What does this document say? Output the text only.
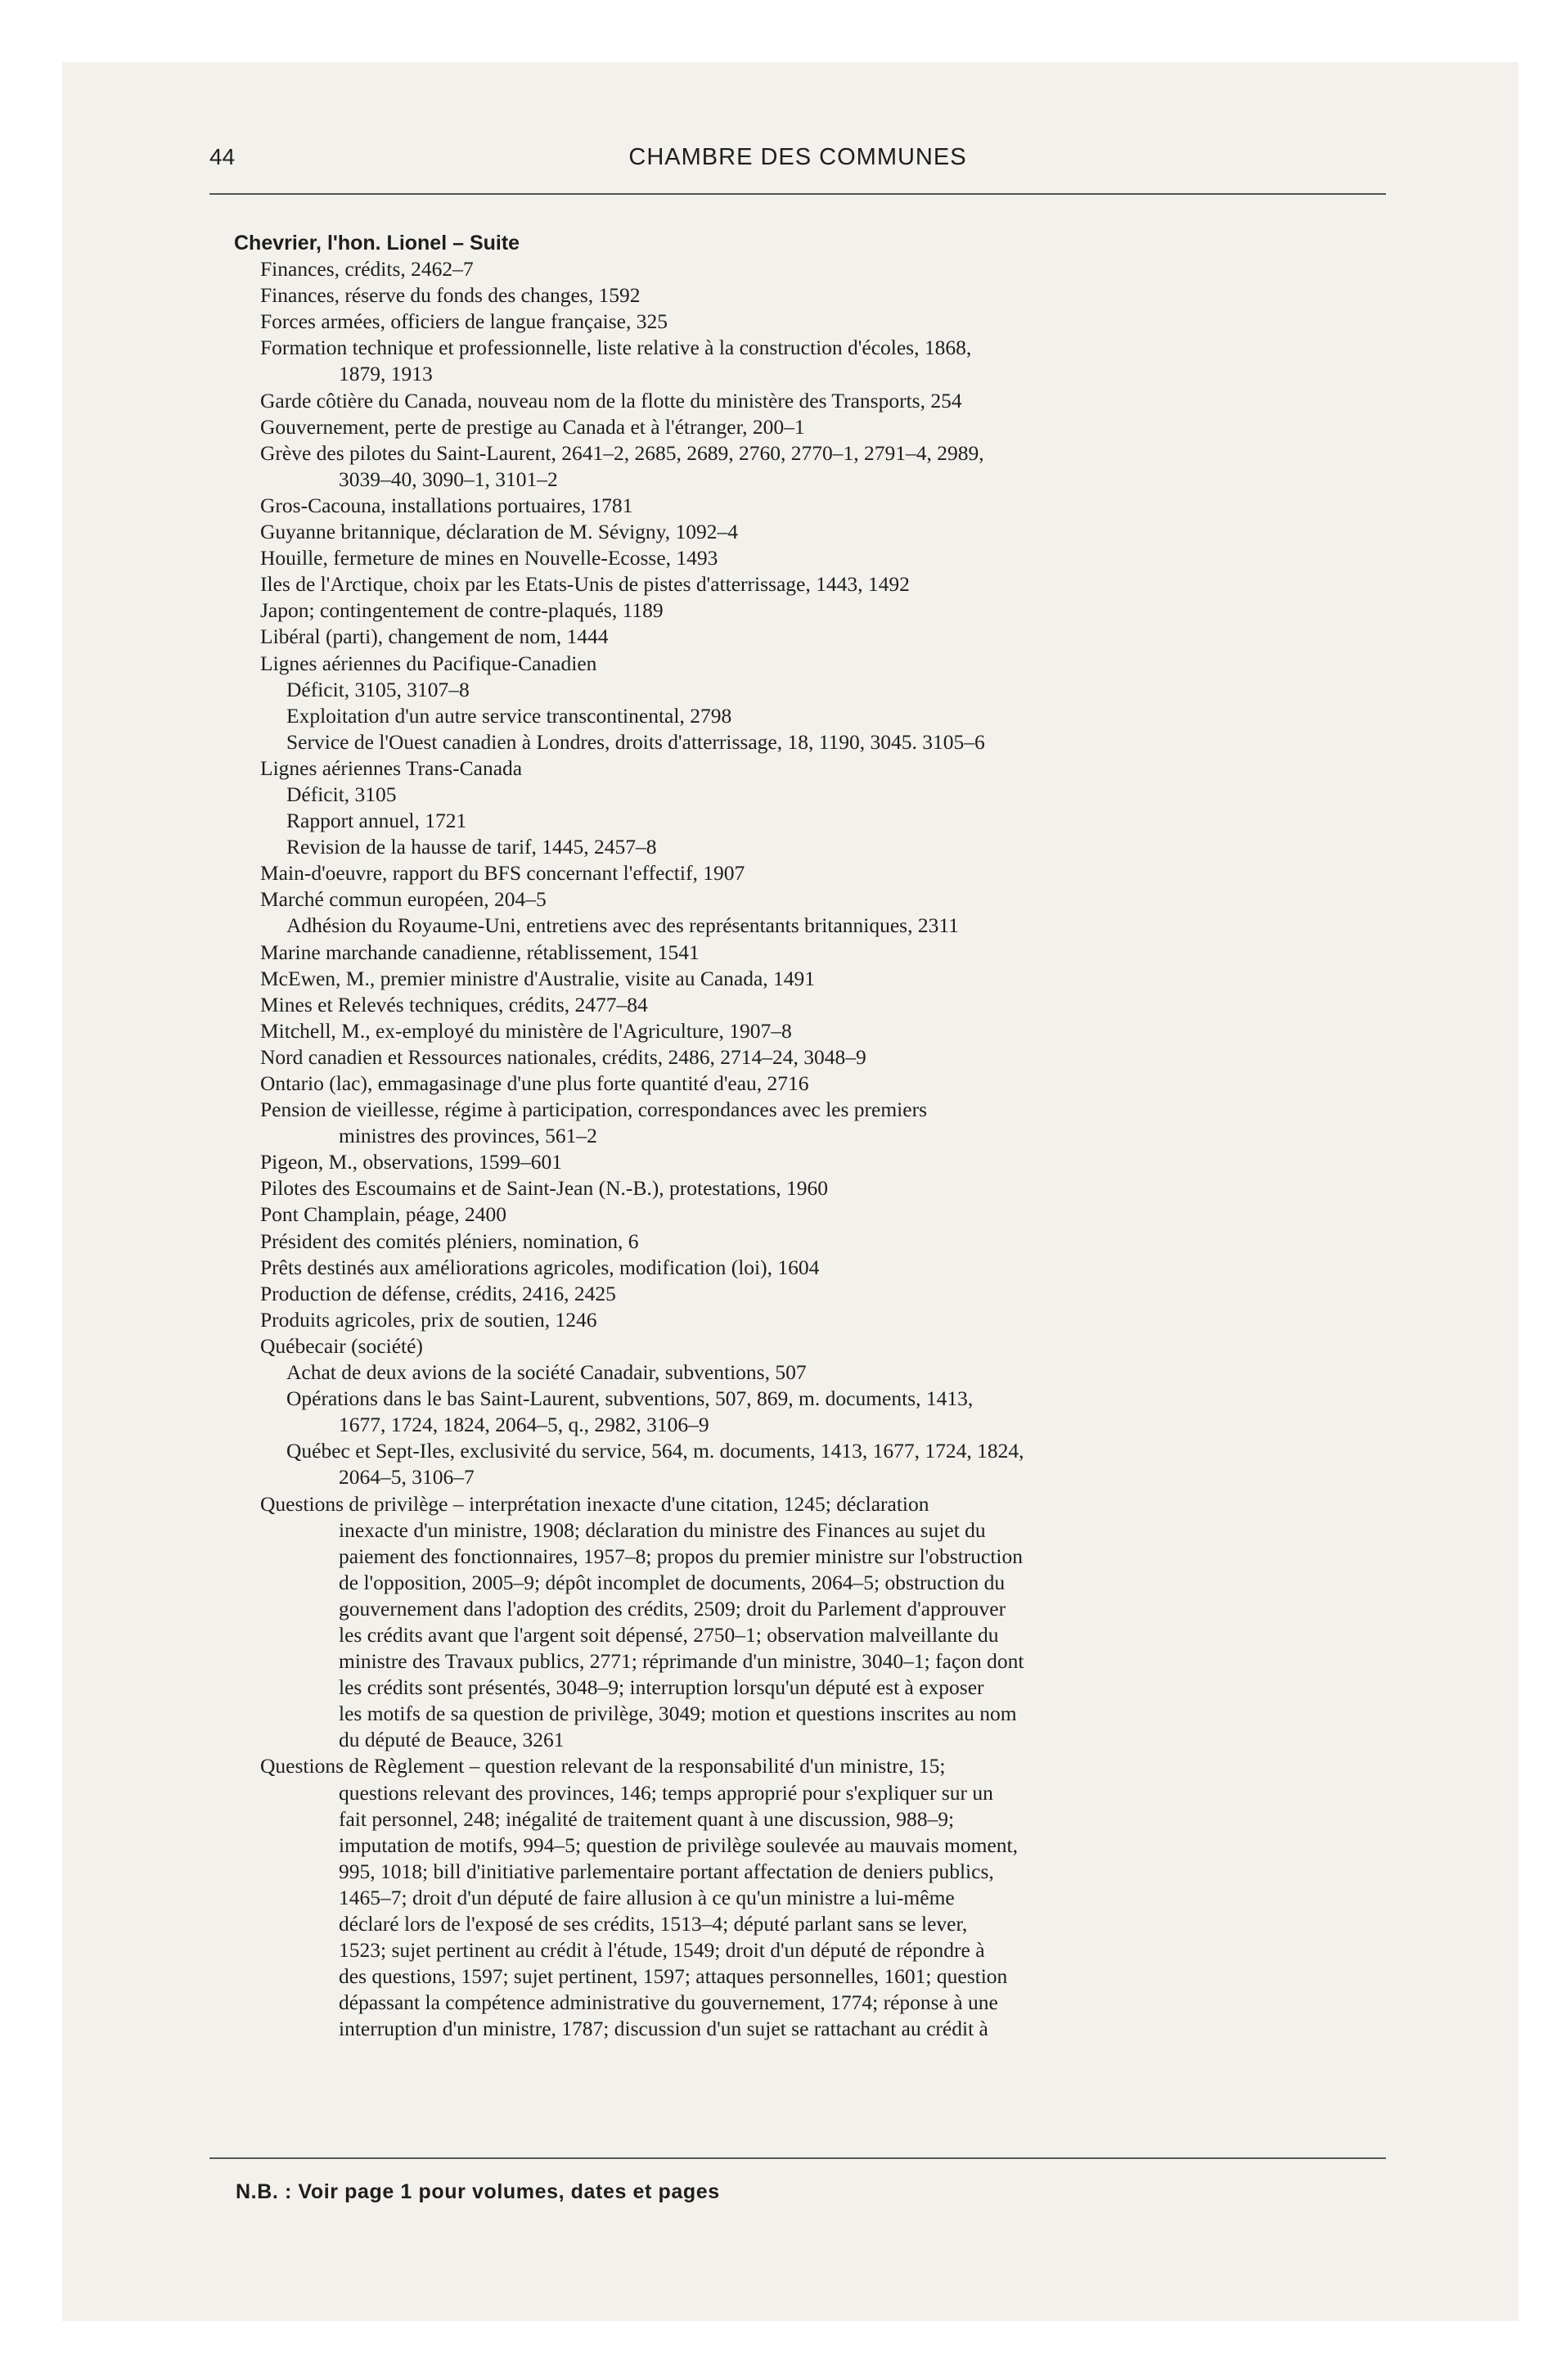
44	CHAMBRE DES COMMUNES
Chevrier, l'hon. Lionel – Suite
Finances, crédits, 2462–7
Finances, réserve du fonds des changes, 1592
Forces armées, officiers de langue française, 325
Formation technique et professionnelle, liste relative à la construction d'écoles, 1868,
1879, 1913
Garde côtière du Canada, nouveau nom de la flotte du ministère des Transports, 254
Gouvernement, perte de prestige au Canada et à l'étranger, 200–1
Grève des pilotes du Saint-Laurent, 2641–2, 2685, 2689, 2760, 2770–1, 2791–4, 2989,
3039–40, 3090–1, 3101–2
Gros-Cacouna, installations portuaires, 1781
Guyanne britannique, déclaration de M. Sévigny, 1092–4
Houille, fermeture de mines en Nouvelle-Ecosse, 1493
Iles de l'Arctique, choix par les Etats-Unis de pistes d'atterrissage, 1443, 1492
Japon; contingentement de contre-plaqués, 1189
Libéral (parti), changement de nom, 1444
Lignes aériennes du Pacifique-Canadien
Déficit, 3105, 3107–8
Exploitation d'un autre service transcontinental, 2798
Service de l'Ouest canadien à Londres, droits d'atterrissage, 18, 1190, 3045. 3105–6
Lignes aériennes Trans-Canada
Déficit, 3105
Rapport annuel, 1721
Revision de la hausse de tarif, 1445, 2457–8
Main-d'oeuvre, rapport du BFS concernant l'effectif, 1907
Marché commun européen, 204–5
Adhésion du Royaume-Uni, entretiens avec des représentants britanniques, 2311
Marine marchande canadienne, rétablissement, 1541
McEwen, M., premier ministre d'Australie, visite au Canada, 1491
Mines et Relevés techniques, crédits, 2477–84
Mitchell, M., ex-employé du ministère de l'Agriculture, 1907–8
Nord canadien et Ressources nationales, crédits, 2486, 2714–24, 3048–9
Ontario (lac), emmagasinage d'une plus forte quantité d'eau, 2716
Pension de vieillesse, régime à participation, correspondances avec les premiers
ministres des provinces, 561–2
Pigeon, M., observations, 1599–601
Pilotes des Escoumains et de Saint-Jean (N.-B.), protestations, 1960
Pont Champlain, péage, 2400
Président des comités pléniers, nomination, 6
Prêts destinés aux améliorations agricoles, modification (loi), 1604
Production de défense, crédits, 2416, 2425
Produits agricoles, prix de soutien, 1246
Québecair (société)
Achat de deux avions de la société Canadair, subventions, 507
Opérations dans le bas Saint-Laurent, subventions, 507, 869, m. documents, 1413,
1677, 1724, 1824, 2064–5, q., 2982, 3106–9
Québec et Sept-Iles, exclusivité du service, 564, m. documents, 1413, 1677, 1724, 1824,
2064–5, 3106–7
Questions de privilège – interprétation inexacte d'une citation, 1245; déclaration
inexacte d'un ministre, 1908; déclaration du ministre des Finances au sujet du
paiement des fonctionnaires, 1957–8; propos du premier ministre sur l'obstruction
de l'opposition, 2005–9; dépôt incomplet de documents, 2064–5; obstruction du
gouvernement dans l'adoption des crédits, 2509; droit du Parlement d'approuver
les crédits avant que l'argent soit dépensé, 2750–1; observation malveillante du
ministre des Travaux publics, 2771; réprimande d'un ministre, 3040–1; façon dont
les crédits sont présentés, 3048–9; interruption lorsqu'un député est à exposer
les motifs de sa question de privilège, 3049; motion et questions inscrites au nom
du député de Beauce, 3261
Questions de Règlement – question relevant de la responsabilité d'un ministre, 15;
questions relevant des provinces, 146; temps approprié pour s'expliquer sur un
fait personnel, 248; inégalité de traitement quant à une discussion, 988–9;
imputation de motifs, 994–5; question de privilège soulevée au mauvais moment,
995, 1018; bill d'initiative parlementaire portant affectation de deniers publics,
1465–7; droit d'un député de faire allusion à ce qu'un ministre a lui-même
déclaré lors de l'exposé de ses crédits, 1513–4; député parlant sans se lever,
1523; sujet pertinent au crédit à l'étude, 1549; droit d'un député de répondre à
des questions, 1597; sujet pertinent, 1597; attaques personnelles, 1601; question
dépassant la compétence administrative du gouvernement, 1774; réponse à une
interruption d'un ministre, 1787; discussion d'un sujet se rattachant au crédit à
N.B. : Voir page 1 pour volumes, dates et pages
